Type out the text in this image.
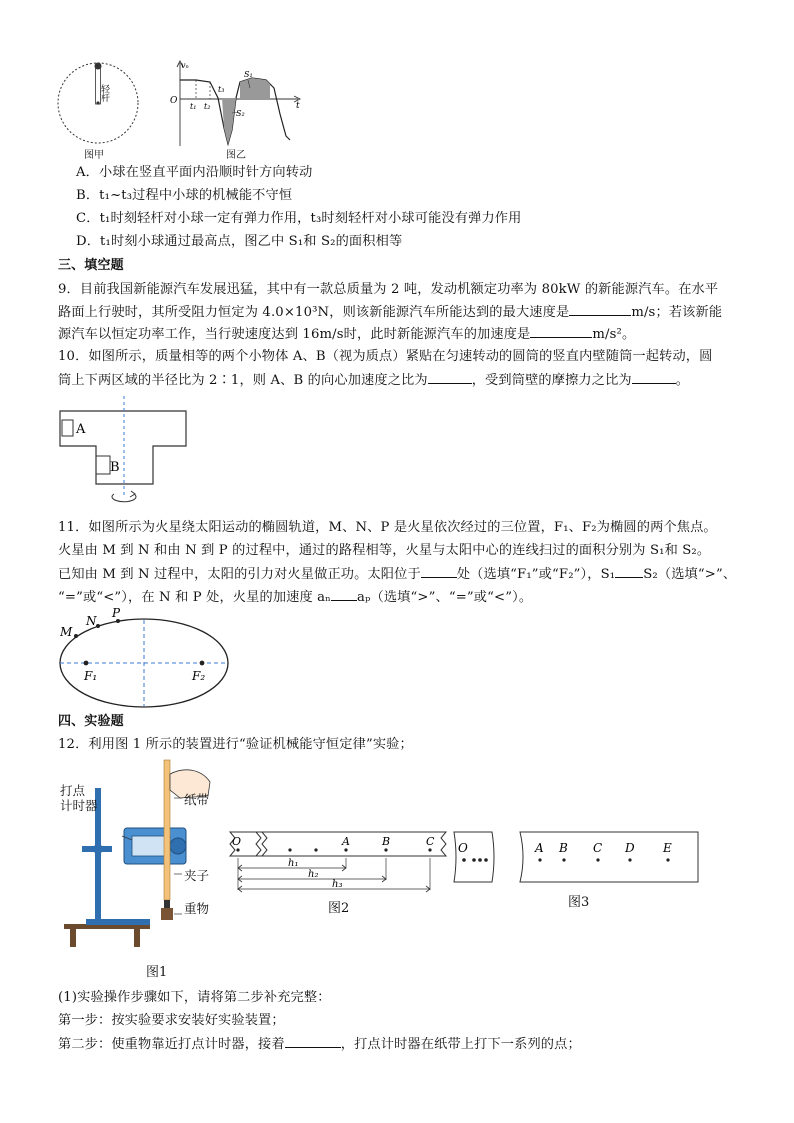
轻杆
图甲
vₙ
O	t
t₁ t₂
t₃
S₁
S₂
图乙
A．小球在竖直平面内沿顺时针方向转动
B．t₁~t₃过程中小球的机械能不守恒
C．t₁时刻轻杆对小球一定有弹力作用，t₃时刻轻杆对小球可能没有弹力作用
D．t₁时刻小球通过最高点，图乙中 S₁和 S₂的面积相等
三、填空题
9．目前我国新能源汽车发展迅猛，其中有一款总质量为 2 吨，发动机额定功率为 80kW 的新能源汽车。在水平
路面上行驶时，其所受阻力恒定为 4.0×10³N，则该新能源汽车所能达到的最大速度是	m/s；若该新能
源汽车以恒定功率工作，当行驶速度达到 16m/s时，此时新能源汽车的加速度是	m/s²。
10．如图所示，质量相等的两个小物体 A、B（视为质点）紧贴在匀速转动的圆筒的竖直内壁随筒一起转动，圆
筒上下两区域的半径比为 2∶1，则 A、B 的向心加速度之比为	，受到筒壁的摩擦力之比为	。
A
B
11．如图所示为火星绕太阳运动的椭圆轨道，M、N、P 是火星依次经过的三位置，F₁、F₂为椭圆的两个焦点。
火星由 M 到 N 和由 N 到 P 的过程中，通过的路程相等，火星与太阳中心的连线扫过的面积分别为 S₁和 S₂。
已知由 M 到 N 过程中，太阳的引力对火星做正功。太阳位于	处（选填“F₁”或“F₂”），S₁ S₂（选填“>”、
“=”或“<”），在 N 和 P 处，火星的加速度 aₙ aₚ（选填“>”、“=”或“<”）。
M
N
P
F₁	F₂
四、实验题
12．利用图 1 所示的装置进行“验证机械能守恒定律”实验；
打点
计时器	纸带
夹子
重物
图1
O	A	B	C
h₁
h₂
h₃
图2
O	A B C D E
图3
(1)实验操作步骤如下，请将第二步补充完整：
第一步：按实验要求安装好实验装置；
第二步：使重物靠近打点计时器，接着	，打点计时器在纸带上打下一系列的点；
